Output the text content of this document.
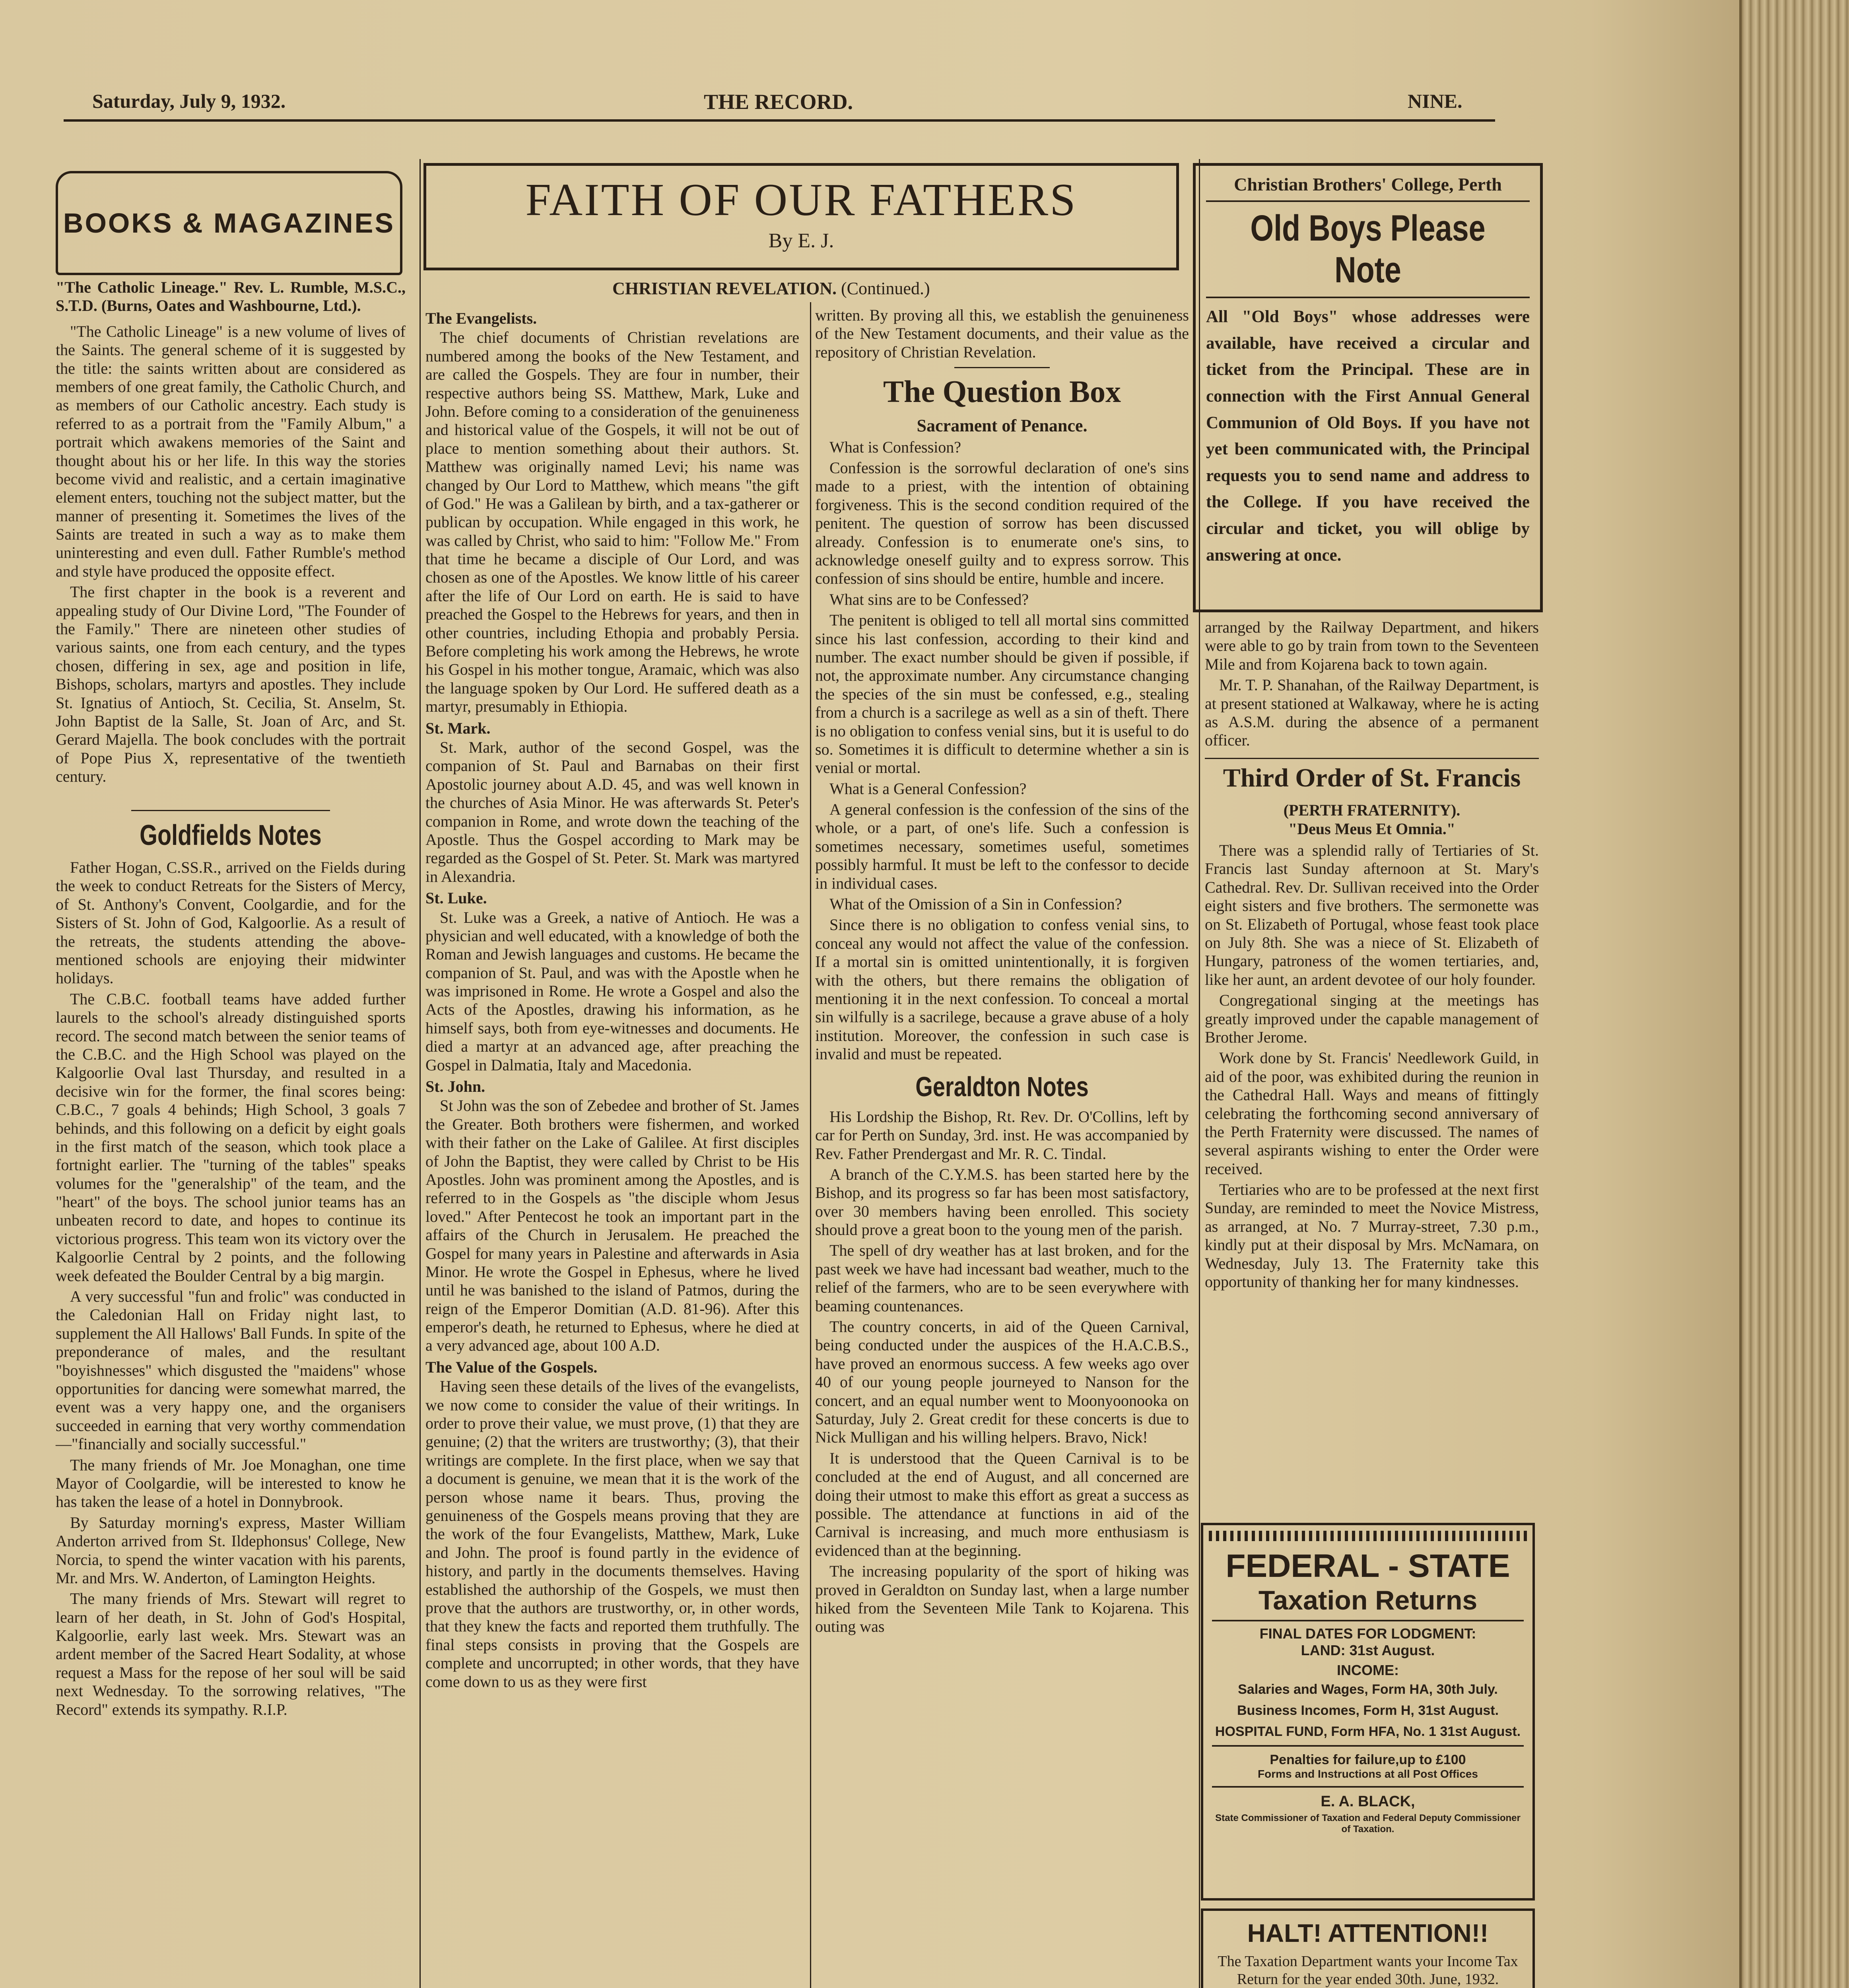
Saturday, July 9, 1932.	THE RECORD.	NINE.
BOOKS & MAGAZINES
"The Catholic Lineage." Rev. L. Rumble, M.S.C., S.T.D. (Burns, Oates and Washbourne, Ltd.).

"The Catholic Lineage" is a new volume of lives of the Saints. The general scheme of it is suggested by the title: the saints written about are considered as members of one great family, the Catholic Church, and as members of our Catholic ancestry. Each study is referred to as a portrait from the "Family Album," a portrait which awakens memories of the Saint and thought about his or her life. In this way the stories become vivid and realistic, and a certain imaginative element enters, touching not the subject matter, but the manner of presenting it. Sometimes the lives of the Saints are treated in such a way as to make them uninteresting and even dull. Father Rumble's method and style have produced the opposite effect.

The first chapter in the book is a reverent and appealing study of Our Divine Lord, "The Founder of the Family." There are nineteen other studies of various saints, one from each century, and the types chosen, differing in sex, age and position in life, Bishops, scholars, martyrs and apostles. They include St. Ignatius of Antioch, St. Cecilia, St. Anselm, St. John Baptist de la Salle, St. Joan of Arc, and St. Gerard Majella. The book concludes with the portrait of Pope Pius X, representative of the twentieth century.

Goldfields Notes

Father Hogan, C.SS.R., arrived on the Fields during the week to conduct Retreats for the Sisters of Mercy, of St. Anthony's Convent, Coolgardie, and for the Sisters of St. John of God, Kalgoorlie. As a result of the retreats, the students attending the above-mentioned schools are enjoying their midwinter holidays.

The C.B.C. football teams have added further laurels to the school's already distinguished sports record. The second match between the senior teams of the C.B.C. and the High School was played on the Kalgoorlie Oval last Thursday, and resulted in a decisive win for the former, the final scores being: C.B.C., 7 goals 4 behinds; High School, 3 goals 7 behinds, and this following on a deficit by eight goals in the first match of the season, which took place a fortnight earlier. The "turning of the tables" speaks volumes for the "generalship" of the team, and the "heart" of the boys. The school junior teams has an unbeaten record to date, and hopes to continue its victorious progress. This team won its victory over the Kalgoorlie Central by 2 points, and the following week defeated the Boulder Central by a big margin.

A very successful "fun and frolic" was conducted in the Caledonian Hall on Friday night last, to supplement the All Hallows' Ball Funds. In spite of the preponderance of males, and the resultant "boyishnesses" which disgusted the "maidens" whose opportunities for dancing were somewhat marred, the event was a very happy one, and the organisers succeeded in earning that very worthy commendation—"financially and socially successful."

The many friends of Mr. Joe Monaghan, one time Mayor of Coolgardie, will be interested to know he has taken the lease of a hotel in Donnybrook.

By Saturday morning's express, Master William Anderton arrived from St. Ildephonsus' College, New Norcia, to spend the winter vacation with his parents, Mr. and Mrs. W. Anderton, of Lamington Heights.

The many friends of Mrs. Stewart will regret to learn of her death, in St. John of God's Hospital, Kalgoorlie, early last week. Mrs. Stewart was an ardent member of the Sacred Heart Sodality, at whose request a Mass for the repose of her soul will be said next Wednesday. To the sorrowing relatives, "The Record" extends its sympathy. R.I.P.

FAITH OF OUR FATHERS
By E. J.
CHRISTIAN REVELATION. (Continued.)
The Evangelists.

The chief documents of Christian revelations are numbered among the books of the New Testament, and are called the Gospels. They are four in number, their respective authors being SS. Matthew, Mark, Luke and John. Before coming to a consideration of the genuineness and historical value of the Gospels, it will not be out of place to mention something about their authors. St. Matthew was originally named Levi; his name was changed by Our Lord to Matthew, which means "the gift of God." He was a Galilean by birth, and a tax-gatherer or publican by occupation. While engaged in this work, he was called by Christ, who said to him: "Follow Me." From that time he became a disciple of Our Lord, and was chosen as one of the Apostles. We know little of his career after the life of Our Lord on earth. He is said to have preached the Gospel to the Hebrews for years, and then in other countries, including Ethopia and probably Persia. Before completing his work among the Hebrews, he wrote his Gospel in his mother tongue, Aramaic, which was also the language spoken by Our Lord. He suffered death as a martyr, presumably in Ethiopia.

St. Mark.

St. Mark, author of the second Gospel, was the companion of St. Paul and Barnabas on their first Apostolic journey about A.D. 45, and was well known in the churches of Asia Minor. He was afterwards St. Peter's companion in Rome, and wrote down the teaching of the Apostle. Thus the Gospel according to Mark may be regarded as the Gospel of St. Peter. St. Mark was martyred in Alexandria.

St. Luke.

St. Luke was a Greek, a native of Antioch. He was a physician and well educated, with a knowledge of both the Roman and Jewish languages and customs. He became the companion of St. Paul, and was with the Apostle when he was imprisoned in Rome. He wrote a Gospel and also the Acts of the Apostles, drawing his information, as he himself says, both from eye-witnesses and documents. He died a martyr at an advanced age, after preaching the Gospel in Dalmatia, Italy and Macedonia.

St. John.

St John was the son of Zebedee and brother of St. James the Greater. Both brothers were fishermen, and worked with their father on the Lake of Galilee. At first disciples of John the Baptist, they were called by Christ to be His Apostles. John was prominent among the Apostles, and is referred to in the Gospels as "the disciple whom Jesus loved." After Pentecost he took an important part in the affairs of the Church in Jerusalem. He preached the Gospel for many years in Palestine and afterwards in Asia Minor. He wrote the Gospel in Ephesus, where he lived until he was banished to the island of Patmos, during the reign of the Emperor Domitian (A.D. 81-96). After this emperor's death, he returned to Ephesus, where he died at a very advanced age, about 100 A.D.

The Value of the Gospels.

Having seen these details of the lives of the evangelists, we now come to consider the value of their writings. In order to prove their value, we must prove, (1) that they are genuine; (2) that the writers are trustworthy; (3), that their writings are complete. In the first place, when we say that a document is genuine, we mean that it is the work of the person whose name it bears. Thus, proving the genuineness of the Gospels means proving that they are the work of the four Evangelists, Matthew, Mark, Luke and John. The proof is found partly in the evidence of history, and partly in the documents themselves. Having established the authorship of the Gospels, we must then prove that the authors are trustworthy, or, in other words, that they knew the facts and reported them truthfully. The final steps consists in proving that the Gospels are complete and uncorrupted; in other words, that they have come down to us as they were first

written. By proving all this, we establish the genuineness of the New Testament documents, and their value as the repository of Christian Revelation.

The Question Box
Sacrament of Penance.

What is Confession?

Confession is the sorrowful declaration of one's sins made to a priest, with the intention of obtaining forgiveness. This is the second condition required of the penitent. The question of sorrow has been discussed already. Confession is to enumerate one's sins, to acknowledge oneself guilty and to express sorrow. This confession of sins should be entire, humble and incere.

What sins are to be Confessed?

The penitent is obliged to tell all mortal sins committed since his last confession, according to their kind and number. The exact number should be given if possible, if not, the approximate number. Any circumstance changing the species of the sin must be confessed, e.g., stealing from a church is a sacrilege as well as a sin of theft. There is no obligation to confess venial sins, but it is useful to do so. Sometimes it is difficult to determine whether a sin is venial or mortal.

What is a General Confession?

A general confession is the confession of the sins of the whole, or a part, of one's life. Such a confession is sometimes necessary, sometimes useful, sometimes possibly harmful. It must be left to the confessor to decide in individual cases.

What of the Omission of a Sin in Confession?

Since there is no obligation to confess venial sins, to conceal any would not affect the value of the confession. If a mortal sin is omitted unintentionally, it is forgiven with the others, but there remains the obligation of mentioning it in the next confession. To conceal a mortal sin wilfully is a sacrilege, because a grave abuse of a holy institution. Moreover, the confession in such case is invalid and must be repeated.

Geraldton Notes

His Lordship the Bishop, Rt. Rev. Dr. O'Collins, left by car for Perth on Sunday, 3rd. inst. He was accompanied by Rev. Father Prendergast and Mr. R. C. Tindal.

A branch of the C.Y.M.S. has been started here by the Bishop, and its progress so far has been most satisfactory, over 30 members having been enrolled. This society should prove a great boon to the young men of the parish.

The spell of dry weather has at last broken, and for the past week we have had incessant bad weather, much to the relief of the farmers, who are to be seen everywhere with beaming countenances.

The country concerts, in aid of the Queen Carnival, being conducted under the auspices of the H.A.C.B.S., have proved an enormous success. A few weeks ago over 40 of our young people journeyed to Nanson for the concert, and an equal number went to Moonyoonooka on Saturday, July 2. Great credit for these concerts is due to Nick Mulligan and his willing helpers. Bravo, Nick!

It is understood that the Queen Carnival is to be concluded at the end of August, and all concerned are doing their utmost to make this effort as great a success as possible. The attendance at functions in aid of the Carnival is increasing, and much more enthusiasm is evidenced than at the beginning.

The increasing popularity of the sport of hiking was proved in Geraldton on Sunday last, when a large number hiked from the Seventeen Mile Tank to Kojarena. This outing was

Christian Brothers' College, Perth
Old Boys Please Note
All "Old Boys" whose addresses were available, have received a circular and ticket from the Principal. These are in connection with the First Annual General Communion of Old Boys. If you have not yet been communicated with, the Principal requests you to send name and address to the College. If you have received the circular and ticket, you will oblige by answering at once.

arranged by the Railway Department, and hikers were able to go by train from town to the Seventeen Mile and from Kojarena back to town again.

Mr. T. P. Shanahan, of the Railway Department, is at present stationed at Walkaway, where he is acting as A.S.M. during the absence of a permanent officer.

Third Order of St. Francis
(PERTH FRATERNITY).
"Deus Meus Et Omnia."

There was a splendid rally of Tertiaries of St. Francis last Sunday afternoon at St. Mary's Cathedral. Rev. Dr. Sullivan received into the Order eight sisters and five brothers. The sermonette was on St. Elizabeth of Portugal, whose feast took place on July 8th. She was a niece of St. Elizabeth of Hungary, patroness of the women tertiaries, and, like her aunt, an ardent devotee of our holy founder.

Congregational singing at the meetings has greatly improved under the capable management of Brother Jerome.

Work done by St. Francis' Needlework Guild, in aid of the poor, was exhibited during the reunion in the Cathedral Hall. Ways and means of fittingly celebrating the forthcoming second anniversary of the Perth Fraternity were discussed. The names of several aspirants wishing to enter the Order were received.

Tertiaries who are to be professed at the next first Sunday, are reminded to meet the Novice Mistress, as arranged, at No. 7 Murray-street, 7.30 p.m., kindly put at their disposal by Mrs. McNamara, on Wednesday, July 13. The Fraternity take this opportunity of thanking her for many kindnesses.

FEDERAL - STATE
Taxation Returns
FINAL DATES FOR LODGMENT:
LAND: 31st August.
INCOME:
Salaries and Wages, Form HA, 30th July.
Business Incomes, Form H, 31st August.
HOSPITAL FUND, Form HFA, No. 1 31st August.
Penalties for failure,up to £100
Forms and Instructions at all Post Offices
E. A. BLACK,
State Commissioner of Taxation and Federal Deputy Commissioner of Taxation.
HALT! ATTENTION!!
The Taxation Department wants your Income Tax Return for the year ended 30th. June, 1932.
